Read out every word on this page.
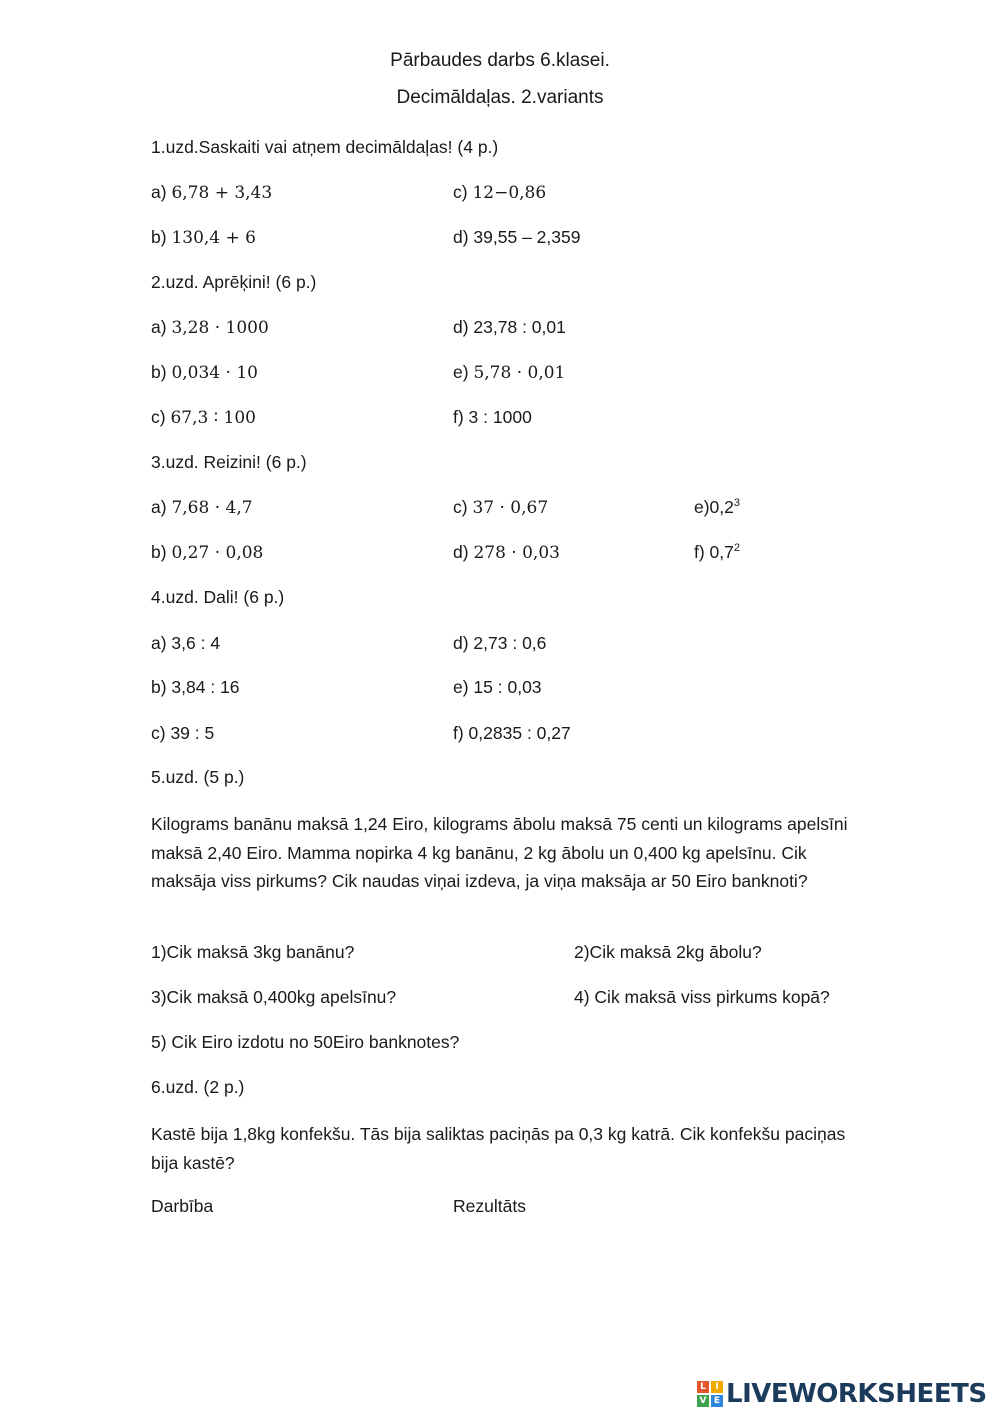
Pārbaudes darbs 6.klasei.
Decimāldaļas. 2.variants
1.uzd.Saskaiti vai atņem decimāldaļas! (4 p.)
a) 6,78 + 3,43	c) 12−0,86
b) 130,4 + 6	d) 39,55 – 2,359
2.uzd. Aprēķini! (6 p.)
a) 3,28 · 1000	d) 23,78 : 0,01
b) 0,034 · 10	e) 5,78 · 0,01
c) 67,3 ∶ 100	f) 3 : 1000
3.uzd. Reizini! (6 p.)
a) 7,68 · 4,7	c) 37 · 0,67	$e)0,2^3$
b) 0,27 · 0,08	d) 278 · 0,03	f) $0,7^2$
4.uzd. Dali! (6 p.)
a) 3,6 : 4	d) 2,73 : 0,6
b) 3,84 : 16	e) 15 : 0,03
c) 39 : 5	f) 0,2835 : 0,27
5.uzd. (5 p.)
Kilograms banānu maksā 1,24 Eiro, kilograms ābolu maksā 75 centi un kilograms apelsīni maksā 2,40 Eiro. Mamma nopirka 4 kg banānu, 2 kg ābolu un 0,400 kg apelsīnu. Cik maksāja viss pirkums? Cik naudas viņai izdeva, ja viņa maksāja ar 50 Eiro banknoti?
1)Cik maksā 3kg banānu?	2)Cik maksā 2kg ābolu?
3)Cik maksā 0,400kg apelsīnu?	4) Cik maksā viss pirkums kopā?
5) Cik Eiro izdotu no 50Eiro banknotes?
6.uzd. (2 p.)
Kastē bija 1,8kg konfekšu. Tās bija saliktas paciņās pa 0,3 kg katrā. Cik konfekšu paciņas bija kastē?
Darbība	Rezultāts
L	I
V E LIVEWORKSHEETS
